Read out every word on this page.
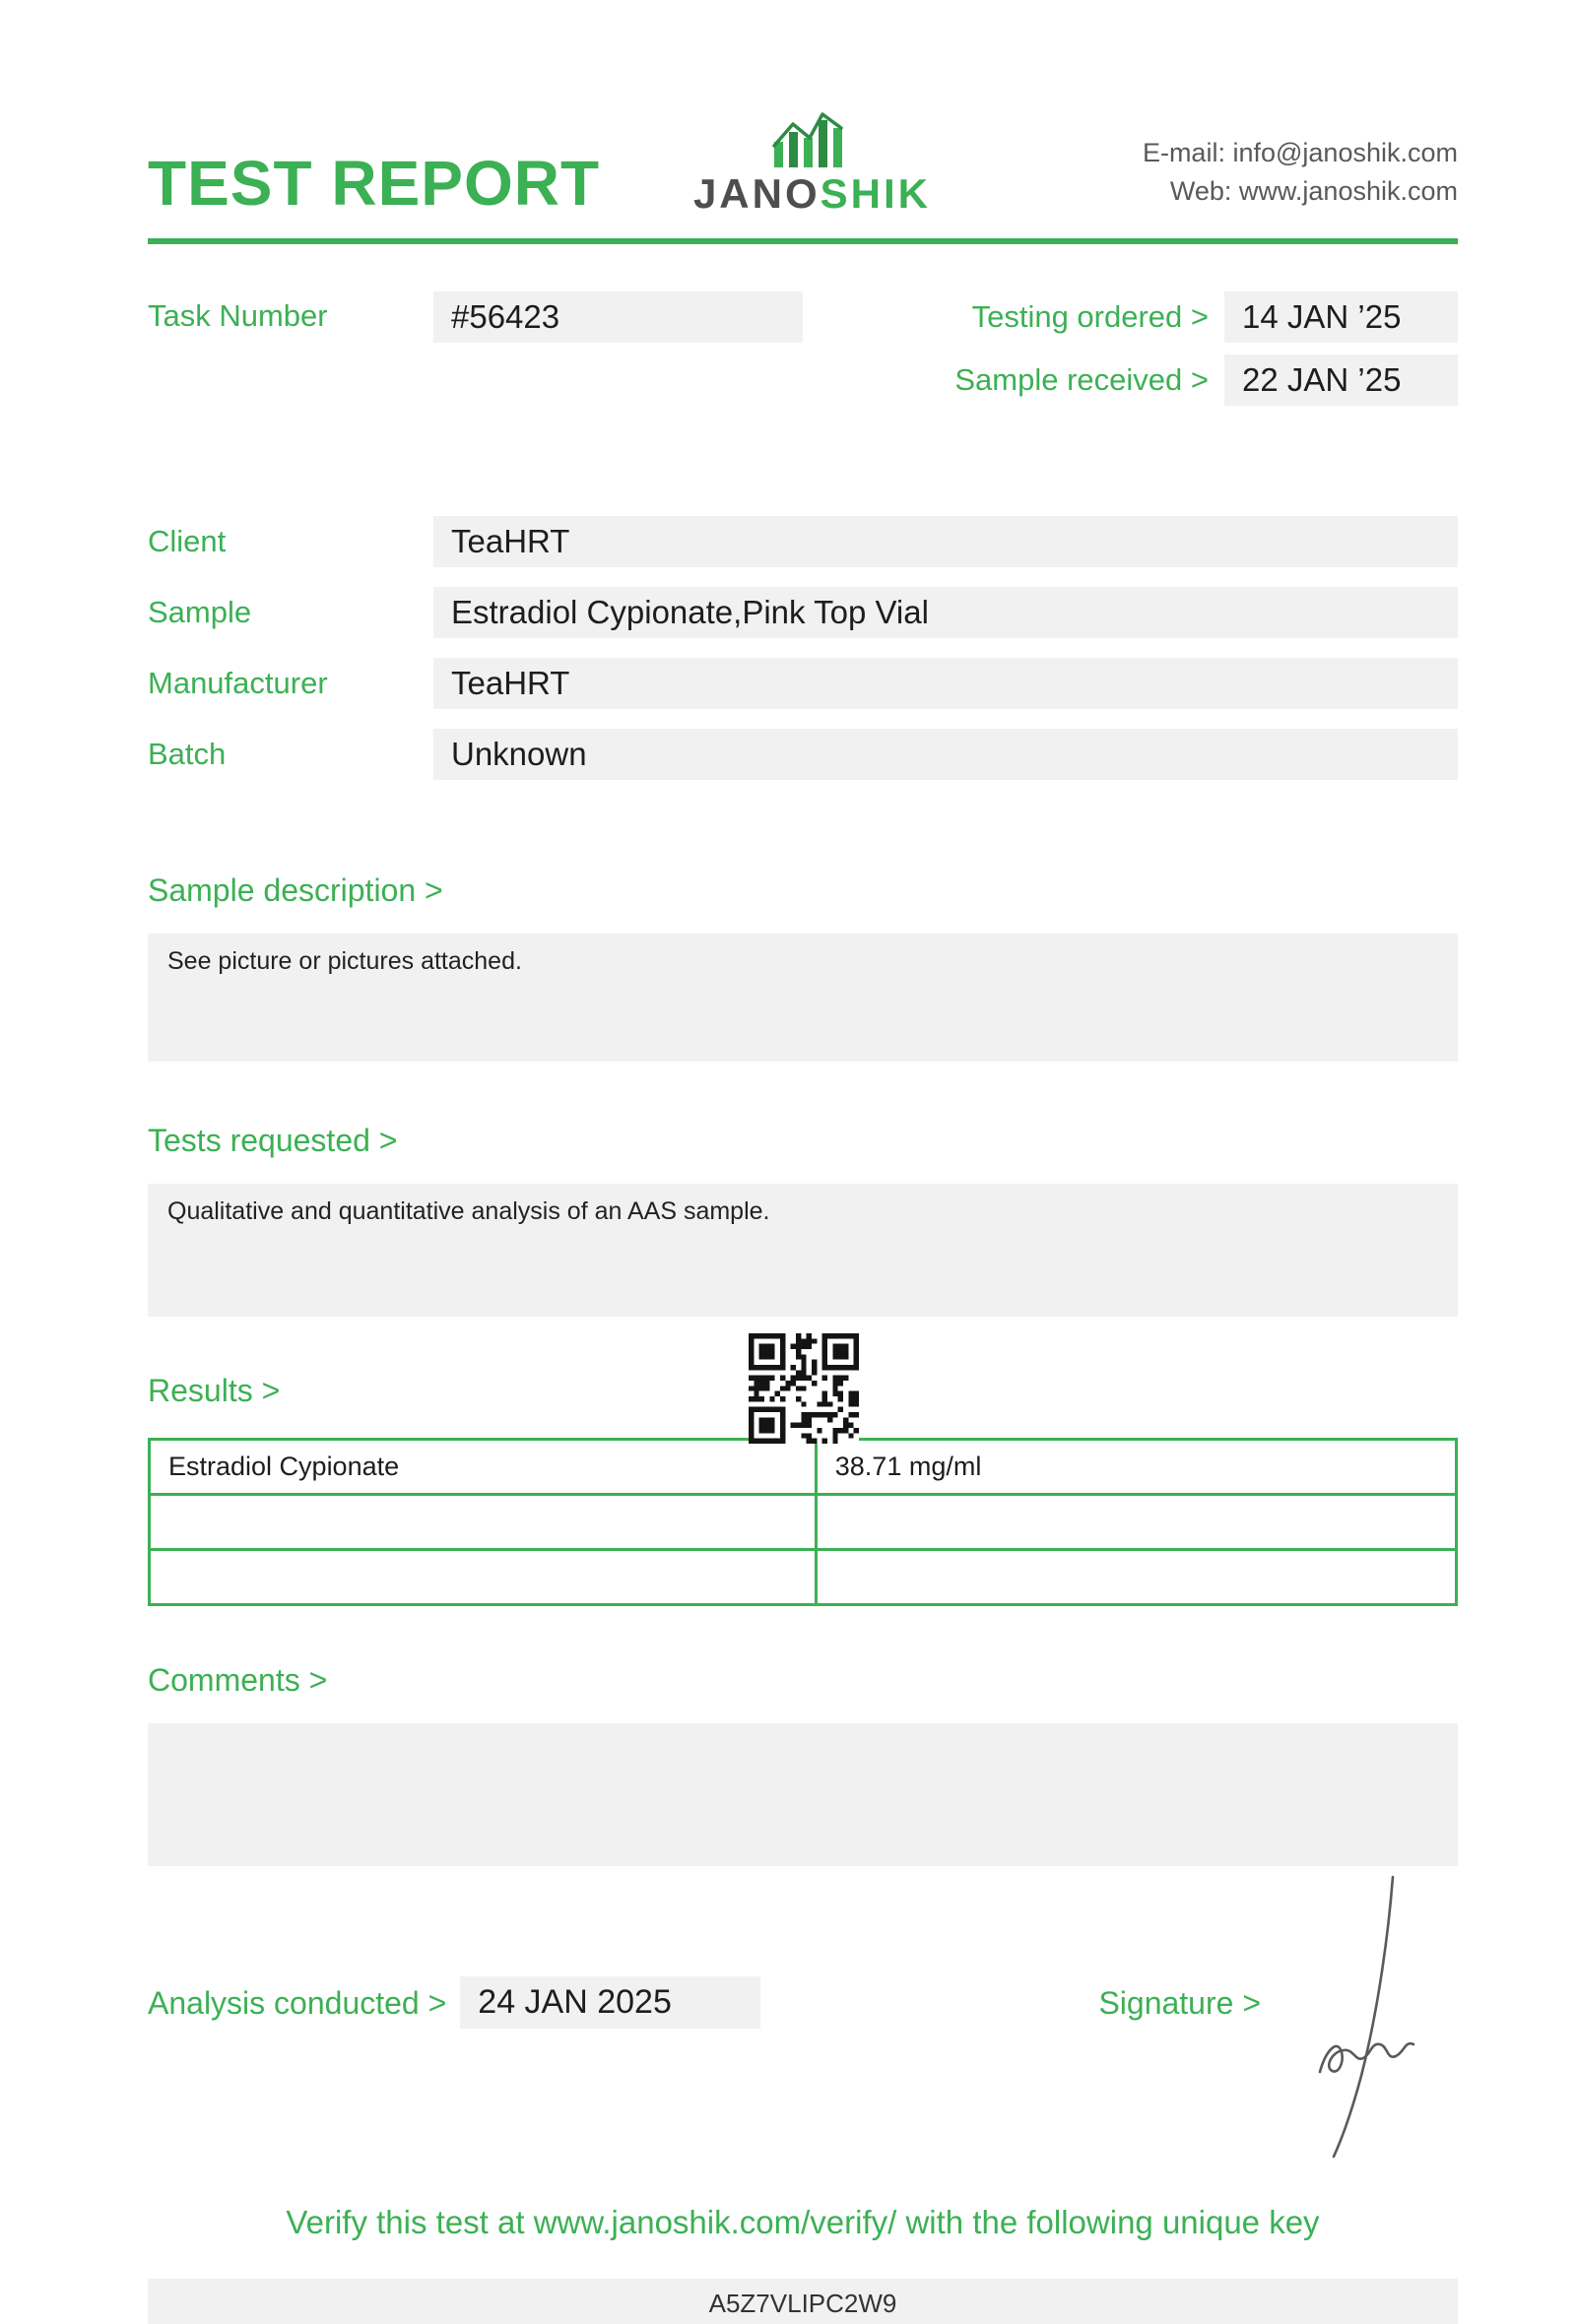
TEST REPORT JANOSHIK
E-mail: info@janoshik.com
Web: www.janoshik.com
Task Number	#56423	Testing ordered >	14 JAN ’25
Sample received >	22 JAN ’25
Client	TeaHRT
Sample	Estradiol Cypionate,Pink Top Vial
Manufacturer	TeaHRT
Batch	Unknown
Sample description >
See picture or pictures attached.
Tests requested >
Qualitative and quantitative analysis of an AAS sample.
Results >
Estradiol Cypionate	38.71 mg/ml

Comments >
Analysis conducted > 24 JAN 2025	Signature >
Verify this test at www.janoshik.com/verify/ with the following unique key
A5Z7VLIPC2W9
